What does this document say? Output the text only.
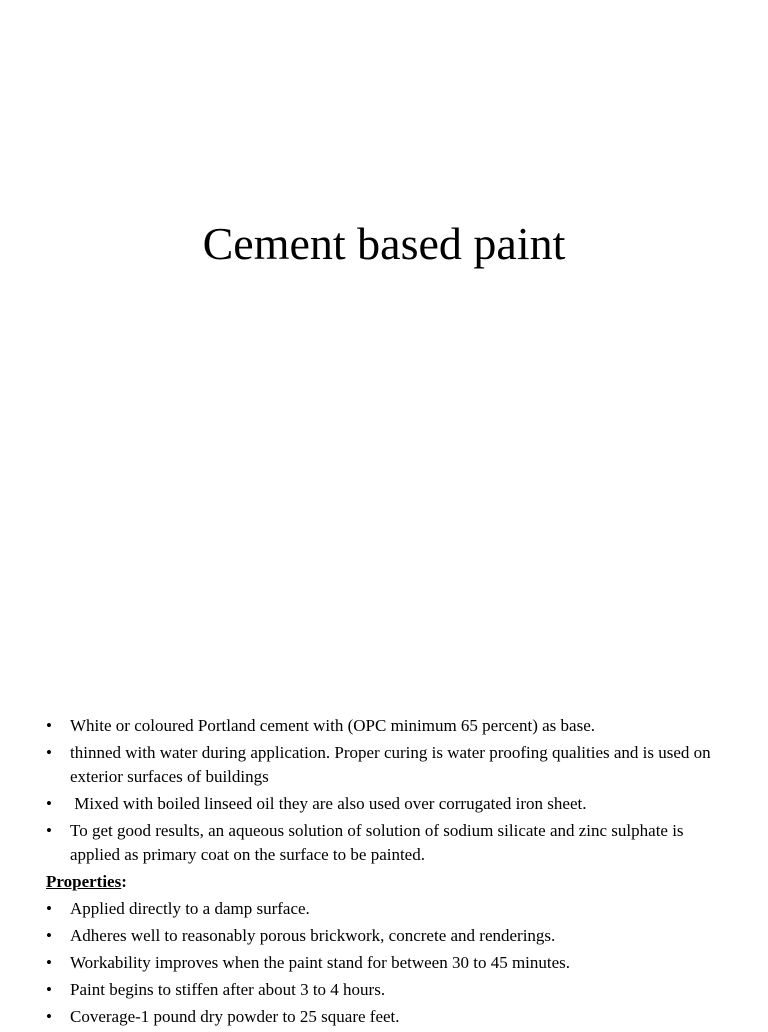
Cement based paint
• White or coloured Portland cement with (OPC minimum 65 percent) as base.
• thinned with water during application. Proper curing is water proofing qualities and is used on exterior surfaces of buildings
• Mixed with boiled linseed oil they are also used over corrugated iron sheet.
• To get good results, an aqueous solution of solution of sodium silicate and zinc sulphate is applied as primary coat on the surface to be painted.
Properties:
• Applied directly to a damp surface.
• Adheres well to reasonably porous brickwork, concrete and renderings.
• Workability improves when the paint stand for between 30 to 45 minutes.
• Paint begins to stiffen after about 3 to 4 hours.
• Coverage-1 pound dry powder to 25 square feet.
